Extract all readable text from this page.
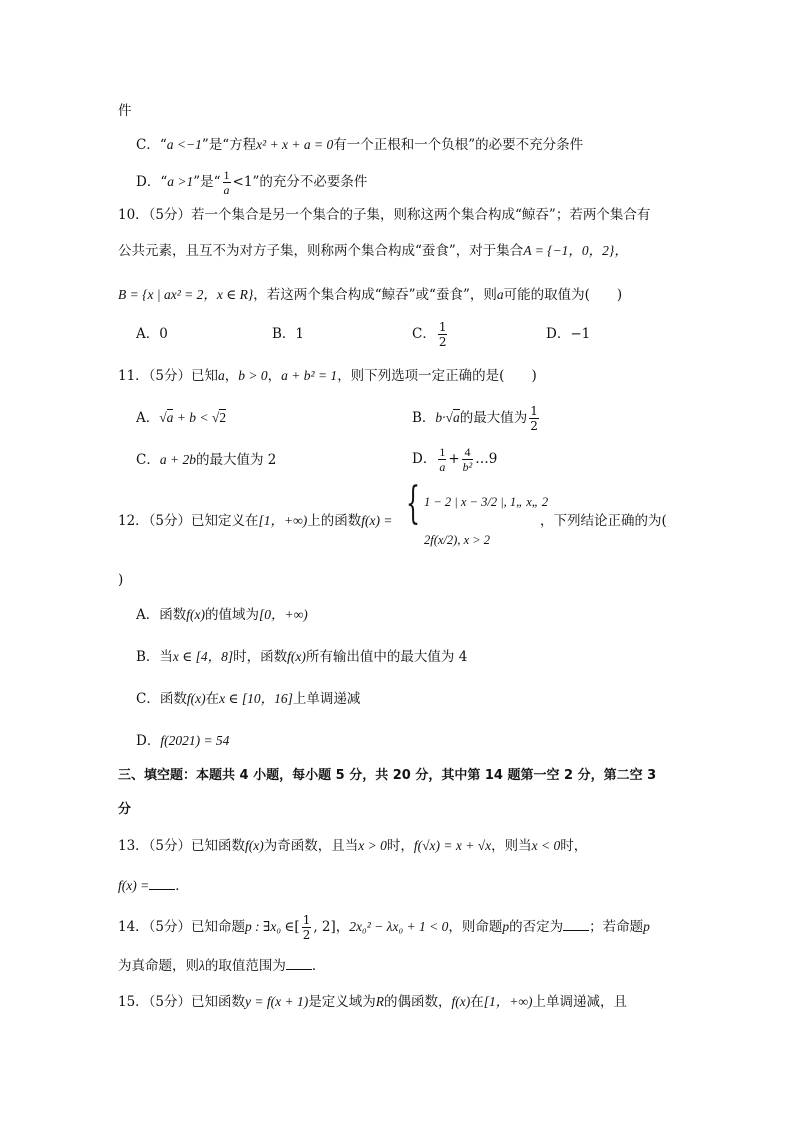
件
C．“a <−1”是“方程x² + x + a = 0有一个正根和一个负根”的必要不充分条件
D．“a >1”是“ $\frac{1}{a} <1$”的充分不必要条件
10．（5分）若一个集合是另一个集合的子集，则称这两个集合构成“鲸吞”；若两个集合有
公共元素，且互不为对方子集，则称两个集合构成“蚕食”，对于集合A = {−1，0，2}，
B = {x | ax² = 2，x ∈ R}，若这两个集合构成“鲸吞”或“蚕食”，则a可能的取值为(　　)
A．0	B．1	C． $\frac{1}{2}$	D．−1
11．（5分）已知a，b > 0，a + b² = 1，则下列选项一定正确的是(　　)
A．√a + b < √2	B．b·√a的最大值为 $\frac{1}{2}$
C．a + 2b的最大值为 2	D． $\frac{1}{a} + \frac{4}{\text{b²}}$ …9
12．（5分）已知定义在[1，+∞)上的函数f(x) = { 1 − 2 | x − 3/2 |, 1„ x„ 2
2f(x/2), x > 2
，下列结论正确的为(
)
A．函数f(x)的值域为[0，+∞)
B．当x ∈ [4，8]时，函数f(x)所有输出值中的最大值为 4
C．函数f(x)在x ∈ [10，16]上单调递减
D．f(2021) = 54
三、填空题：本题共 4 小题，每小题 5 分，共 20 分，其中第 14 题第一空 2 分，第二空 3
分
13．（5分）已知函数f(x)为奇函数，且当x > 0时，f(√x) = x + √x，则当x < 0时，
f(x) = ．
14．（5分）已知命题p : ∃x₀ ∈[ $\frac{1}{2}$ , 2]，2x₀² − λx₀ + 1 < 0，则命题p的否定为 ；若命题p
为真命题，则λ的取值范围为 ．
15．（5分）已知函数y = f(x + 1)是定义域为R的偶函数，f(x)在[1，+∞)上单调递减，且
